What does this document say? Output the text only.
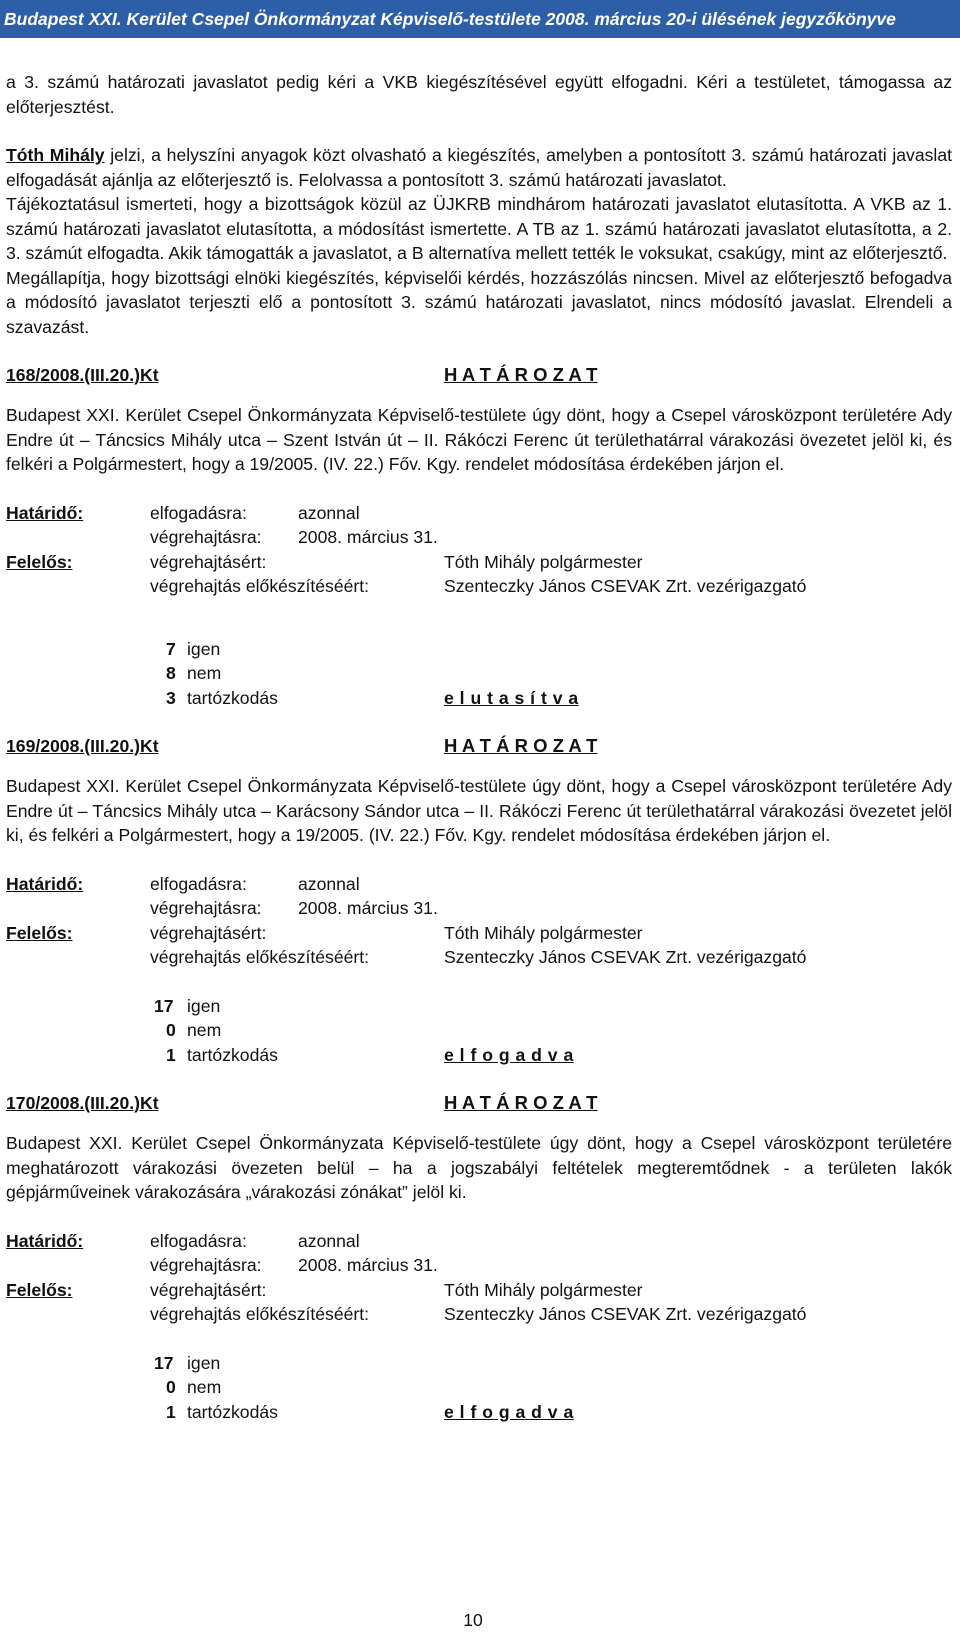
Budapest XXI. Kerület Csepel Önkormányzat Képviselő-testülete 2008. március 20-i ülésének jegyzőkönyve

a 3. számú határozati javaslatot pedig kéri a VKB kiegészítésével együtt elfogadni. Kéri a testületet, támogassa az előterjesztést.

Tóth Mihály jelzi, a helyszíni anyagok közt olvasható a kiegészítés, amelyben a pontosított 3. számú határozati javaslat elfogadását ajánlja az előterjesztő is. Felolvassa a pontosított 3. számú határozati javaslatot.

Tájékoztatásul ismerteti, hogy a bizottságok közül az ÜJKRB mindhárom határozati javaslatot elutasította. A VKB az 1. számú határozati javaslatot elutasította, a módosítást ismertette. A TB az 1. számú határozati javaslatot elutasította, a 2. 3. számút elfogadta. Akik támogatták a javaslatot, a B alternatíva mellett tették le voksukat, csakúgy, mint az előterjesztő.

Megállapítja, hogy bizottsági elnöki kiegészítés, képviselői kérdés, hozzászólás nincsen. Mivel az előterjesztő befogadva a módosító javaslatot terjeszti elő a pontosított 3. számú határozati javaslatot, nincs módosító javaslat. Elrendeli a szavazást.

168/2008.(III.20.)Kt	H A T Á R O Z A T

Budapest XXI. Kerület Csepel Önkormányzata Képviselő-testülete úgy dönt, hogy a Csepel városközpont területére Ady Endre út – Táncsics Mihály utca – Szent István út – II. Rákóczi Ferenc út területhatárral várakozási övezetet jelöl ki, és felkéri a Polgármestert, hogy a 19/2005. (IV. 22.) Főv. Kgy. rendelet módosítása érdekében járjon el.

Határidő:	elfogadásra:	azonnal
végrehajtásra: 2008. március 31.
Felelős:	végrehajtásért:	Tóth Mihály polgármester
végrehajtás előkészítéséért:	Szenteczky János CSEVAK Zrt. vezérigazgató
7 igen
8 nem
3 tartózkodás	e l u t a s í t v a
169/2008.(III.20.)Kt	H A T Á R O Z A T

Budapest XXI. Kerület Csepel Önkormányzata Képviselő-testülete úgy dönt, hogy a Csepel városközpont területére Ady Endre út – Táncsics Mihály utca – Karácsony Sándor utca – II. Rákóczi Ferenc út területhatárral várakozási övezetet jelöl ki, és felkéri a Polgármestert, hogy a 19/2005. (IV. 22.) Főv. Kgy. rendelet módosítása érdekében járjon el.

Határidő:	elfogadásra:	azonnal
végrehajtásra: 2008. március 31.
Felelős:	végrehajtásért:	Tóth Mihály polgármester
végrehajtás előkészítéséért:	Szenteczky János CSEVAK Zrt. vezérigazgató
17 igen
0 nem
1 tartózkodás	e l f o g a d v a
170/2008.(III.20.)Kt	H A T Á R O Z A T

Budapest XXI. Kerület Csepel Önkormányzata Képviselő-testülete úgy dönt, hogy a Csepel városközpont területére meghatározott várakozási övezeten belül – ha a jogszabályi feltételek megteremtődnek - a területen lakók gépjárműveinek várakozására „várakozási zónákat” jelöl ki.

Határidő:	elfogadásra:	azonnal
végrehajtásra: 2008. március 31.
Felelős:	végrehajtásért:	Tóth Mihály polgármester
végrehajtás előkészítéséért:	Szenteczky János CSEVAK Zrt. vezérigazgató
17 igen
0 nem
1 tartózkodás	e l f o g a d v a
10
